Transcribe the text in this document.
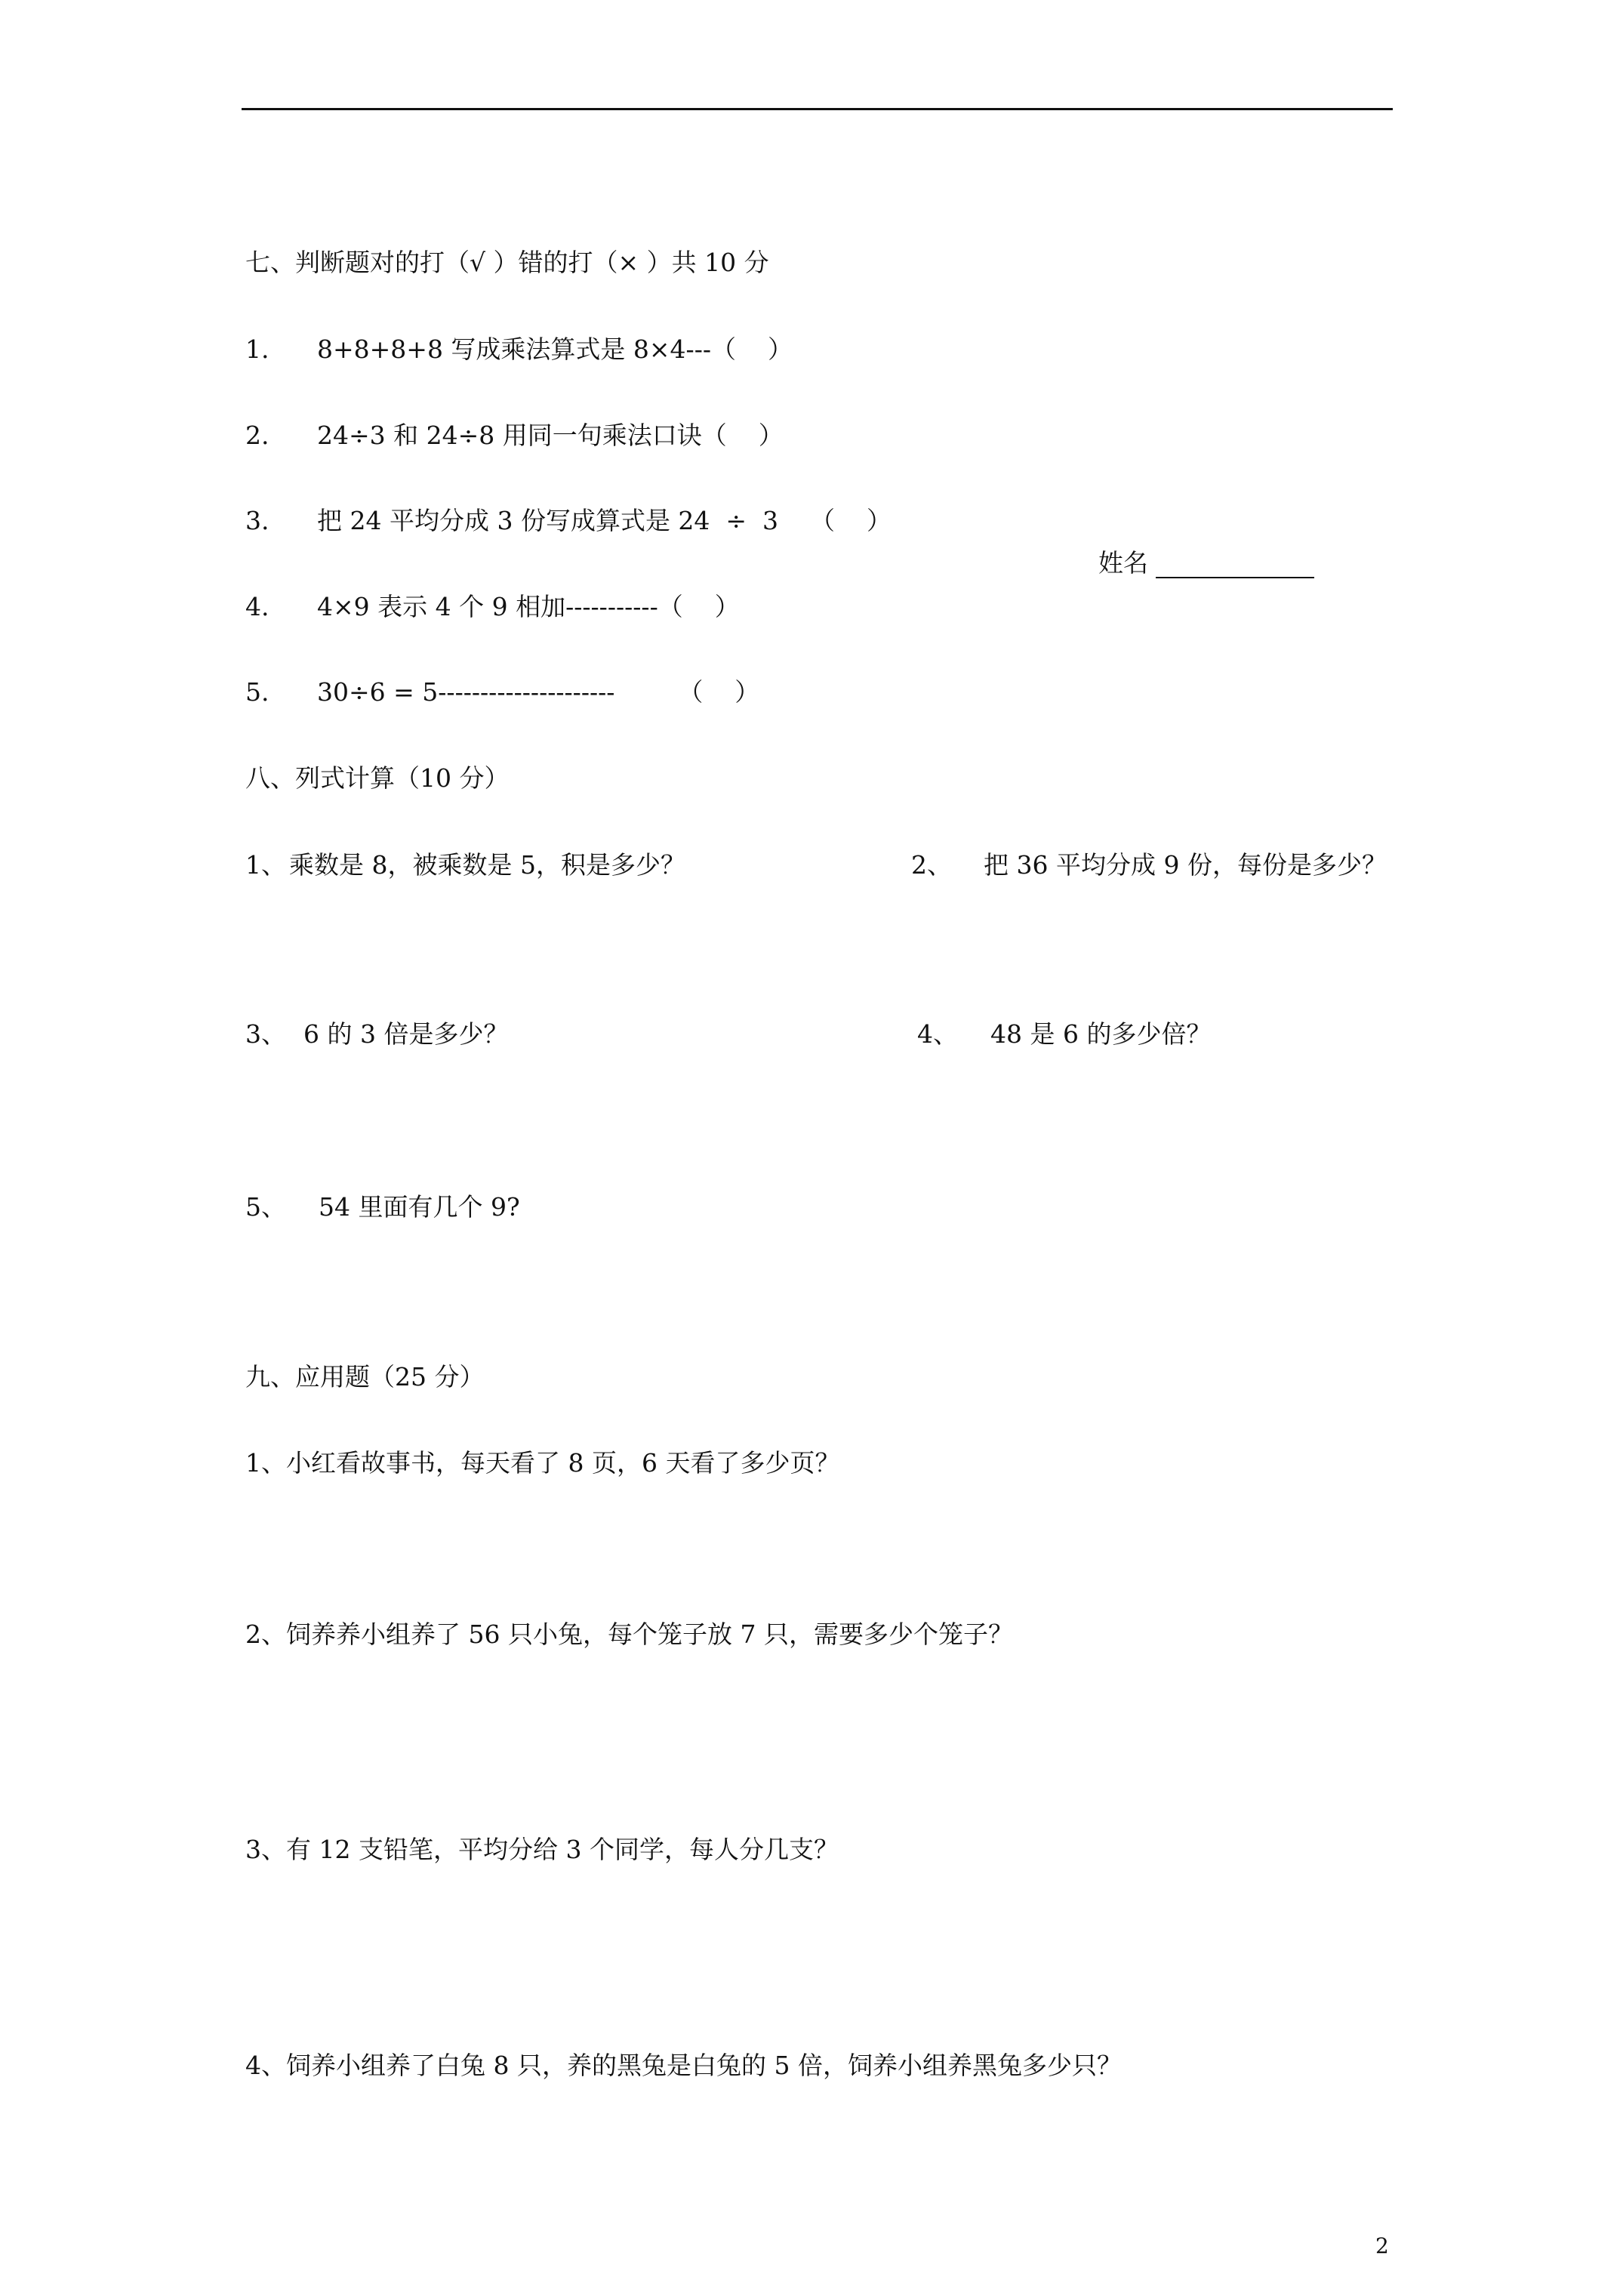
七、判断题对的打（√ ）错的打（× ）共 10 分
1. 8+8+8+8 写成乘法算式是 8×4---（    ）
2. 24÷3 和 24÷8 用同一句乘法口诀（    ）
3. 把 24 平均分成 3 份写成算式是 24  ÷  3    （    ）
姓名
4. 4×9 表示 4 个 9 相加-----------（    ）
5. 30÷6 = 5---------------------        （    ）
八、列式计算（10 分）
1、 乘数是 8，被乘数是 5，积是多少？	2、 把 36 平均分成 9 份，每份是多少？
3、 6 的 3 倍是多少？	4、 48 是 6 的多少倍？
5、 54 里面有几个 9?
九、应用题（25 分）
1、小红看故事书，每天看了 8 页，6 天看了多少页？
2、饲养养小组养了 56 只小兔，每个笼子放 7 只，需要多少个笼子？
3、有 12 支铅笔，平均分给 3 个同学，每人分几支？
4、饲养小组养了白兔 8 只，养的黑兔是白兔的 5 倍，饲养小组养黑兔多少只？
2
